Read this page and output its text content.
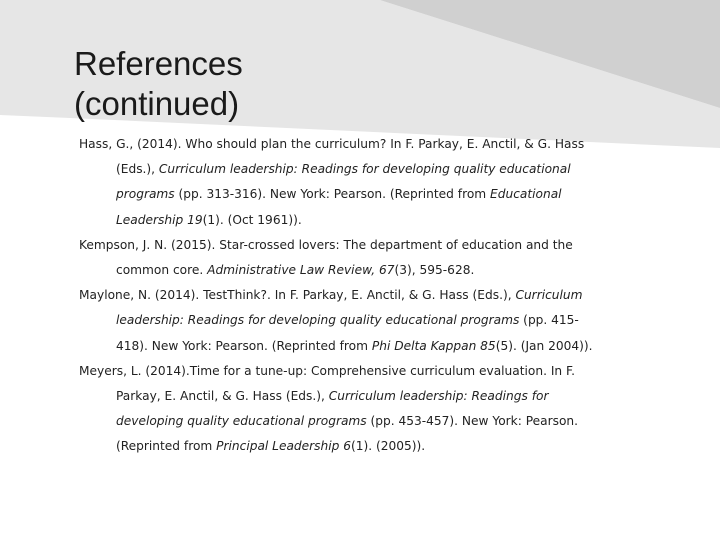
References
(continued)
Hass, G., (2014). Who should plan the curriculum? In F. Parkay, E. Anctil, & G. Hass
(Eds.), Curriculum leadership: Readings for developing quality educational
programs (pp. 313-316). New York: Pearson. (Reprinted from Educational
Leadership 19(1). (Oct 1961)).
Kempson, J. N. (2015). Star-crossed lovers: The department of education and the
common core. Administrative Law Review, 67(3), 595-628.
Maylone, N. (2014). TestThink?. In F. Parkay, E. Anctil, & G. Hass (Eds.), Curriculum
leadership: Readings for developing quality educational programs (pp. 415-
418). New York: Pearson. (Reprinted from Phi Delta Kappan 85(5). (Jan 2004)).
Meyers, L. (2014).Time for a tune-up: Comprehensive curriculum evaluation. In F.
Parkay, E. Anctil, & G. Hass (Eds.), Curriculum leadership: Readings for
developing quality educational programs (pp. 453-457). New York: Pearson.
(Reprinted from Principal Leadership 6(1). (2005)).
